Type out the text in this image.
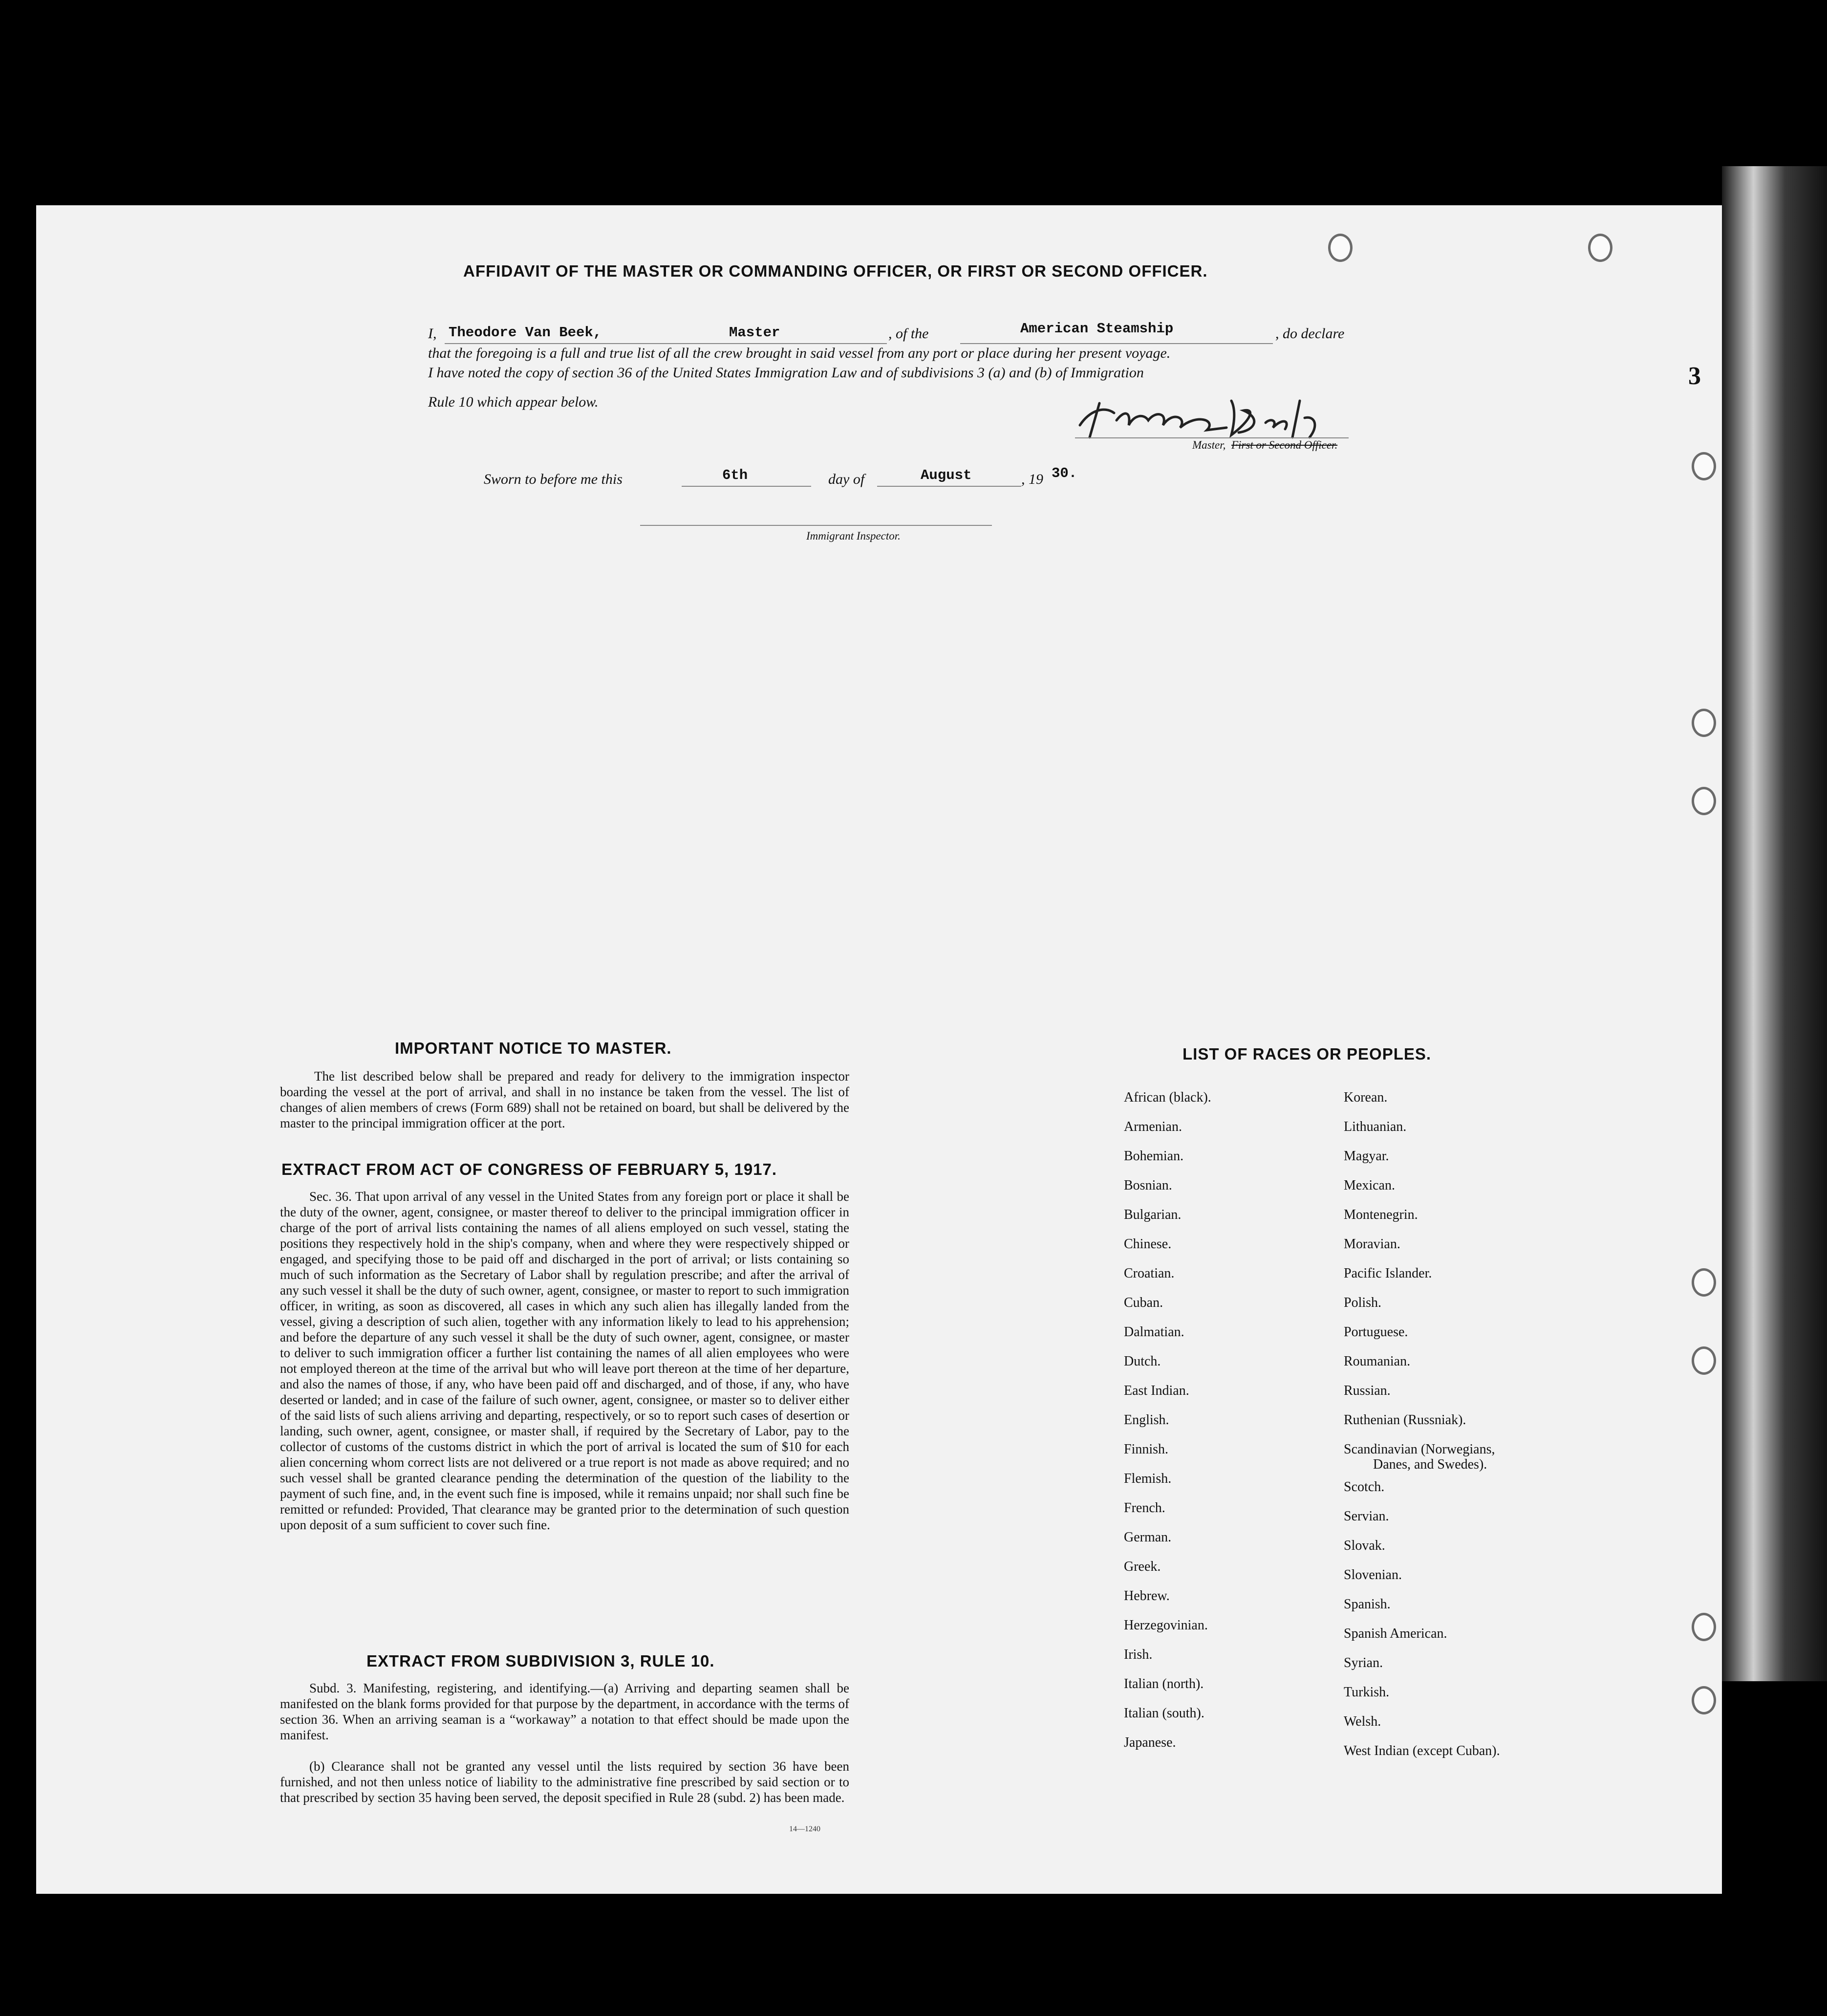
3
AFFIDAVIT OF THE MASTER OR COMMANDING OFFICER, OR FIRST OR SECOND OFFICER.
I, Theodore Van Beek,	Master	, of the	American Steamship	, do declare
that the foregoing is a full and true list of all the crew brought in said vessel from any port or place during her present voyage.
I have noted the copy of section 36 of the United States Immigration Law and of subdivisions 3 (a) and (b) of Immigration
Rule 10 which appear below.
Theodore Van Beek
Master, First or Second Officer.
Sworn to before me this	6th	day of	August	, 19 30.
Immigrant Inspector.
IMPORTANT NOTICE TO MASTER.
The list described below shall be prepared and ready for delivery to the immigration inspector boarding the vessel at the port of arrival, and shall in no instance be taken from the vessel. The list of changes of alien members of crews (Form 689) shall not be retained on board, but shall be delivered by the master to the principal immigration officer at the port.
EXTRACT FROM ACT OF CONGRESS OF FEBRUARY 5, 1917.
Sec. 36. That upon arrival of any vessel in the United States from any foreign port or place it shall be the duty of the owner, agent, consignee, or master thereof to deliver to the principal immigration officer in charge of the port of arrival lists containing the names of all aliens employed on such vessel, stating the positions they respectively hold in the ship's company, when and where they were respectively shipped or engaged, and specifying those to be paid off and discharged in the port of arrival; or lists containing so much of such information as the Secretary of Labor shall by regulation prescribe; and after the arrival of any such vessel it shall be the duty of such owner, agent, consignee, or master to report to such immigration officer, in writing, as soon as discovered, all cases in which any such alien has illegally landed from the vessel, giving a description of such alien, together with any information likely to lead to his apprehension; and before the departure of any such vessel it shall be the duty of such owner, agent, consignee, or master to deliver to such immigration officer a further list containing the names of all alien employees who were not employed thereon at the time of the arrival but who will leave port thereon at the time of her departure, and also the names of those, if any, who have been paid off and discharged, and of those, if any, who have deserted or landed; and in case of the failure of such owner, agent, consignee, or master so to deliver either of the said lists of such aliens arriving and departing, respectively, or so to report such cases of desertion or landing, such owner, agent, consignee, or master shall, if required by the Secretary of Labor, pay to the collector of customs of the customs district in which the port of arrival is located the sum of $10 for each alien concerning whom correct lists are not delivered or a true report is not made as above required; and no such vessel shall be granted clearance pending the determination of the question of the liability to the payment of such fine, and, in the event such fine is imposed, while it remains unpaid; nor shall such fine be remitted or refunded: Provided, That clearance may be granted prior to the determination of such question upon deposit of a sum sufficient to cover such fine.
EXTRACT FROM SUBDIVISION 3, RULE 10.
Subd. 3. Manifesting, registering, and identifying.—(a) Arriving and departing seamen shall be manifested on the blank forms provided for that purpose by the department, in accordance with the terms of section 36. When an arriving seaman is a “workaway” a notation to that effect should be made upon the manifest.
(b) Clearance shall not be granted any vessel until the lists required by section 36 have been furnished, and not then unless notice of liability to the administrative fine prescribed by said section or to that prescribed by section 35 having been served, the deposit specified in Rule 28 (subd. 2) has been made.
14—1240
LIST OF RACES OR PEOPLES.
African (black).
Armenian.
Bohemian.
Bosnian.
Bulgarian.
Chinese.
Croatian.
Cuban.
Dalmatian.
Dutch.
East Indian.
English.
Finnish.
Flemish.
French.
German.
Greek.
Hebrew.
Herzegovinian.
Irish.
Italian (north).
Italian (south).
Japanese.
Korean.
Lithuanian.
Magyar.
Mexican.
Montenegrin.
Moravian.
Pacific Islander.
Polish.
Portuguese.
Roumanian.
Russian.
Ruthenian (Russniak).
Scandinavian (Norwegians,
Danes, and Swedes).
Scotch.
Servian.
Slovak.
Slovenian.
Spanish.
Spanish American.
Syrian.
Turkish.
Welsh.
West Indian (except Cuban).
